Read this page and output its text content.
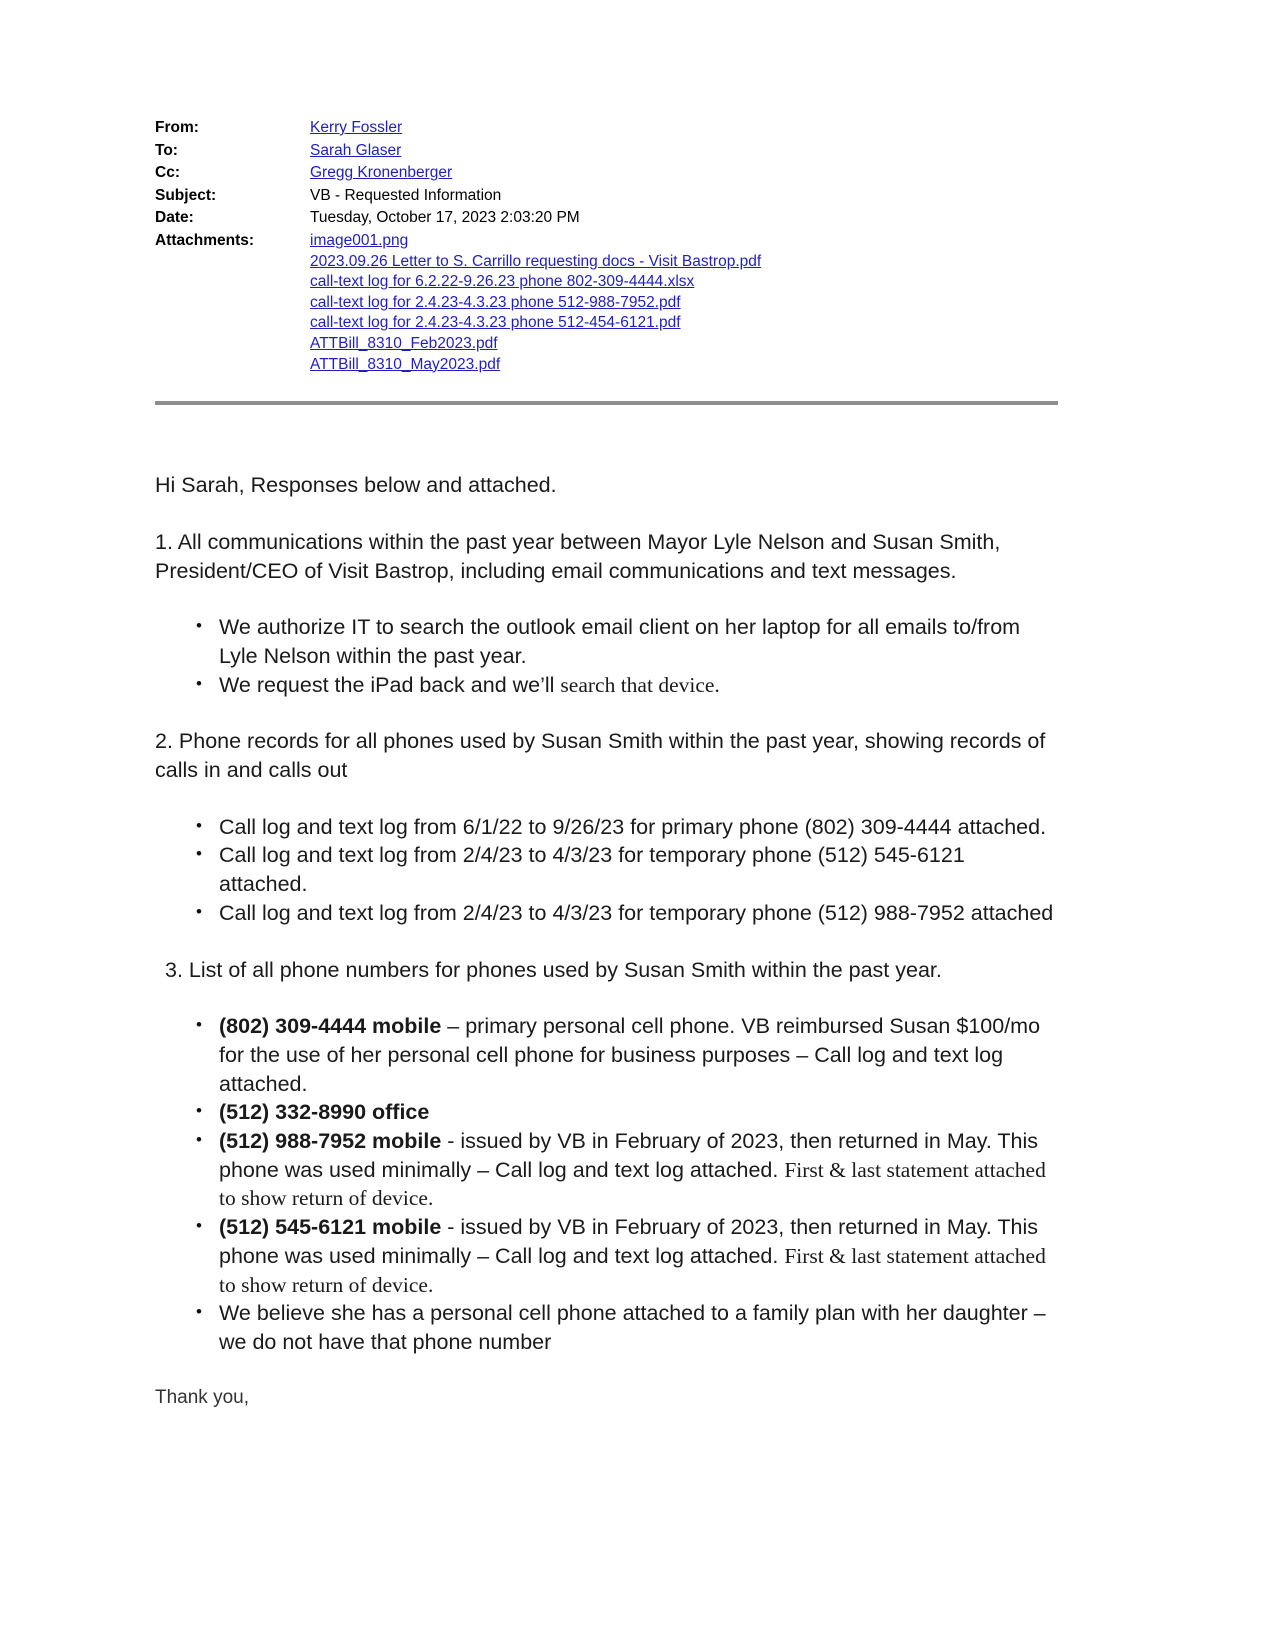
From:	Kerry Fossler
To:	Sarah Glaser
Cc:	Gregg Kronenberger
Subject:	VB - Requested Information
Date:	Tuesday, October 17, 2023 2:03:20 PM
Attachments:	image001.png
2023.09.26 Letter to S. Carrillo requesting docs - Visit Bastrop.pdf
call-text log for 6.2.22-9.26.23 phone 802-309-4444.xlsx
call-text log for 2.4.23-4.3.23 phone 512-988-7952.pdf
call-text log for 2.4.23-4.3.23 phone 512-454-6121.pdf
ATTBill_8310_Feb2023.pdf
ATTBill_8310_May2023.pdf

Hi Sarah, Responses below and attached.

1. All communications within the past year between Mayor Lyle Nelson and Susan Smith, President/CEO of Visit Bastrop, including email communications and text messages.

• We authorize IT to search the outlook email client on her laptop for all emails to/from Lyle Nelson within the past year.
• We request the iPad back and we’ll search that device.

2. Phone records for all phones used by Susan Smith within the past year, showing records of calls in and calls out

• Call log and text log from 6/1/22 to 9/26/23 for primary phone (802) 309-4444 attached.
• Call log and text log from 2/4/23 to 4/3/23 for temporary phone (512) 545-6121 attached.
• Call log and text log from 2/4/23 to 4/3/23 for temporary phone (512) 988-7952 attached

3. List of all phone numbers for phones used by Susan Smith within the past year.

• (802) 309-4444 mobile – primary personal cell phone. VB reimbursed Susan $100/mo for the use of her personal cell phone for business purposes – Call log and text log attached.
• (512) 332-8990 office
• (512) 988-7952 mobile - issued by VB in February of 2023, then returned in May. This phone was used minimally – Call log and text log attached. First & last statement attached to show return of device.
• (512) 545-6121 mobile - issued by VB in February of 2023, then returned in May. This phone was used minimally – Call log and text log attached. First & last statement attached to show return of device.
• We believe she has a personal cell phone attached to a family plan with her daughter – we do not have that phone number

Thank you,
